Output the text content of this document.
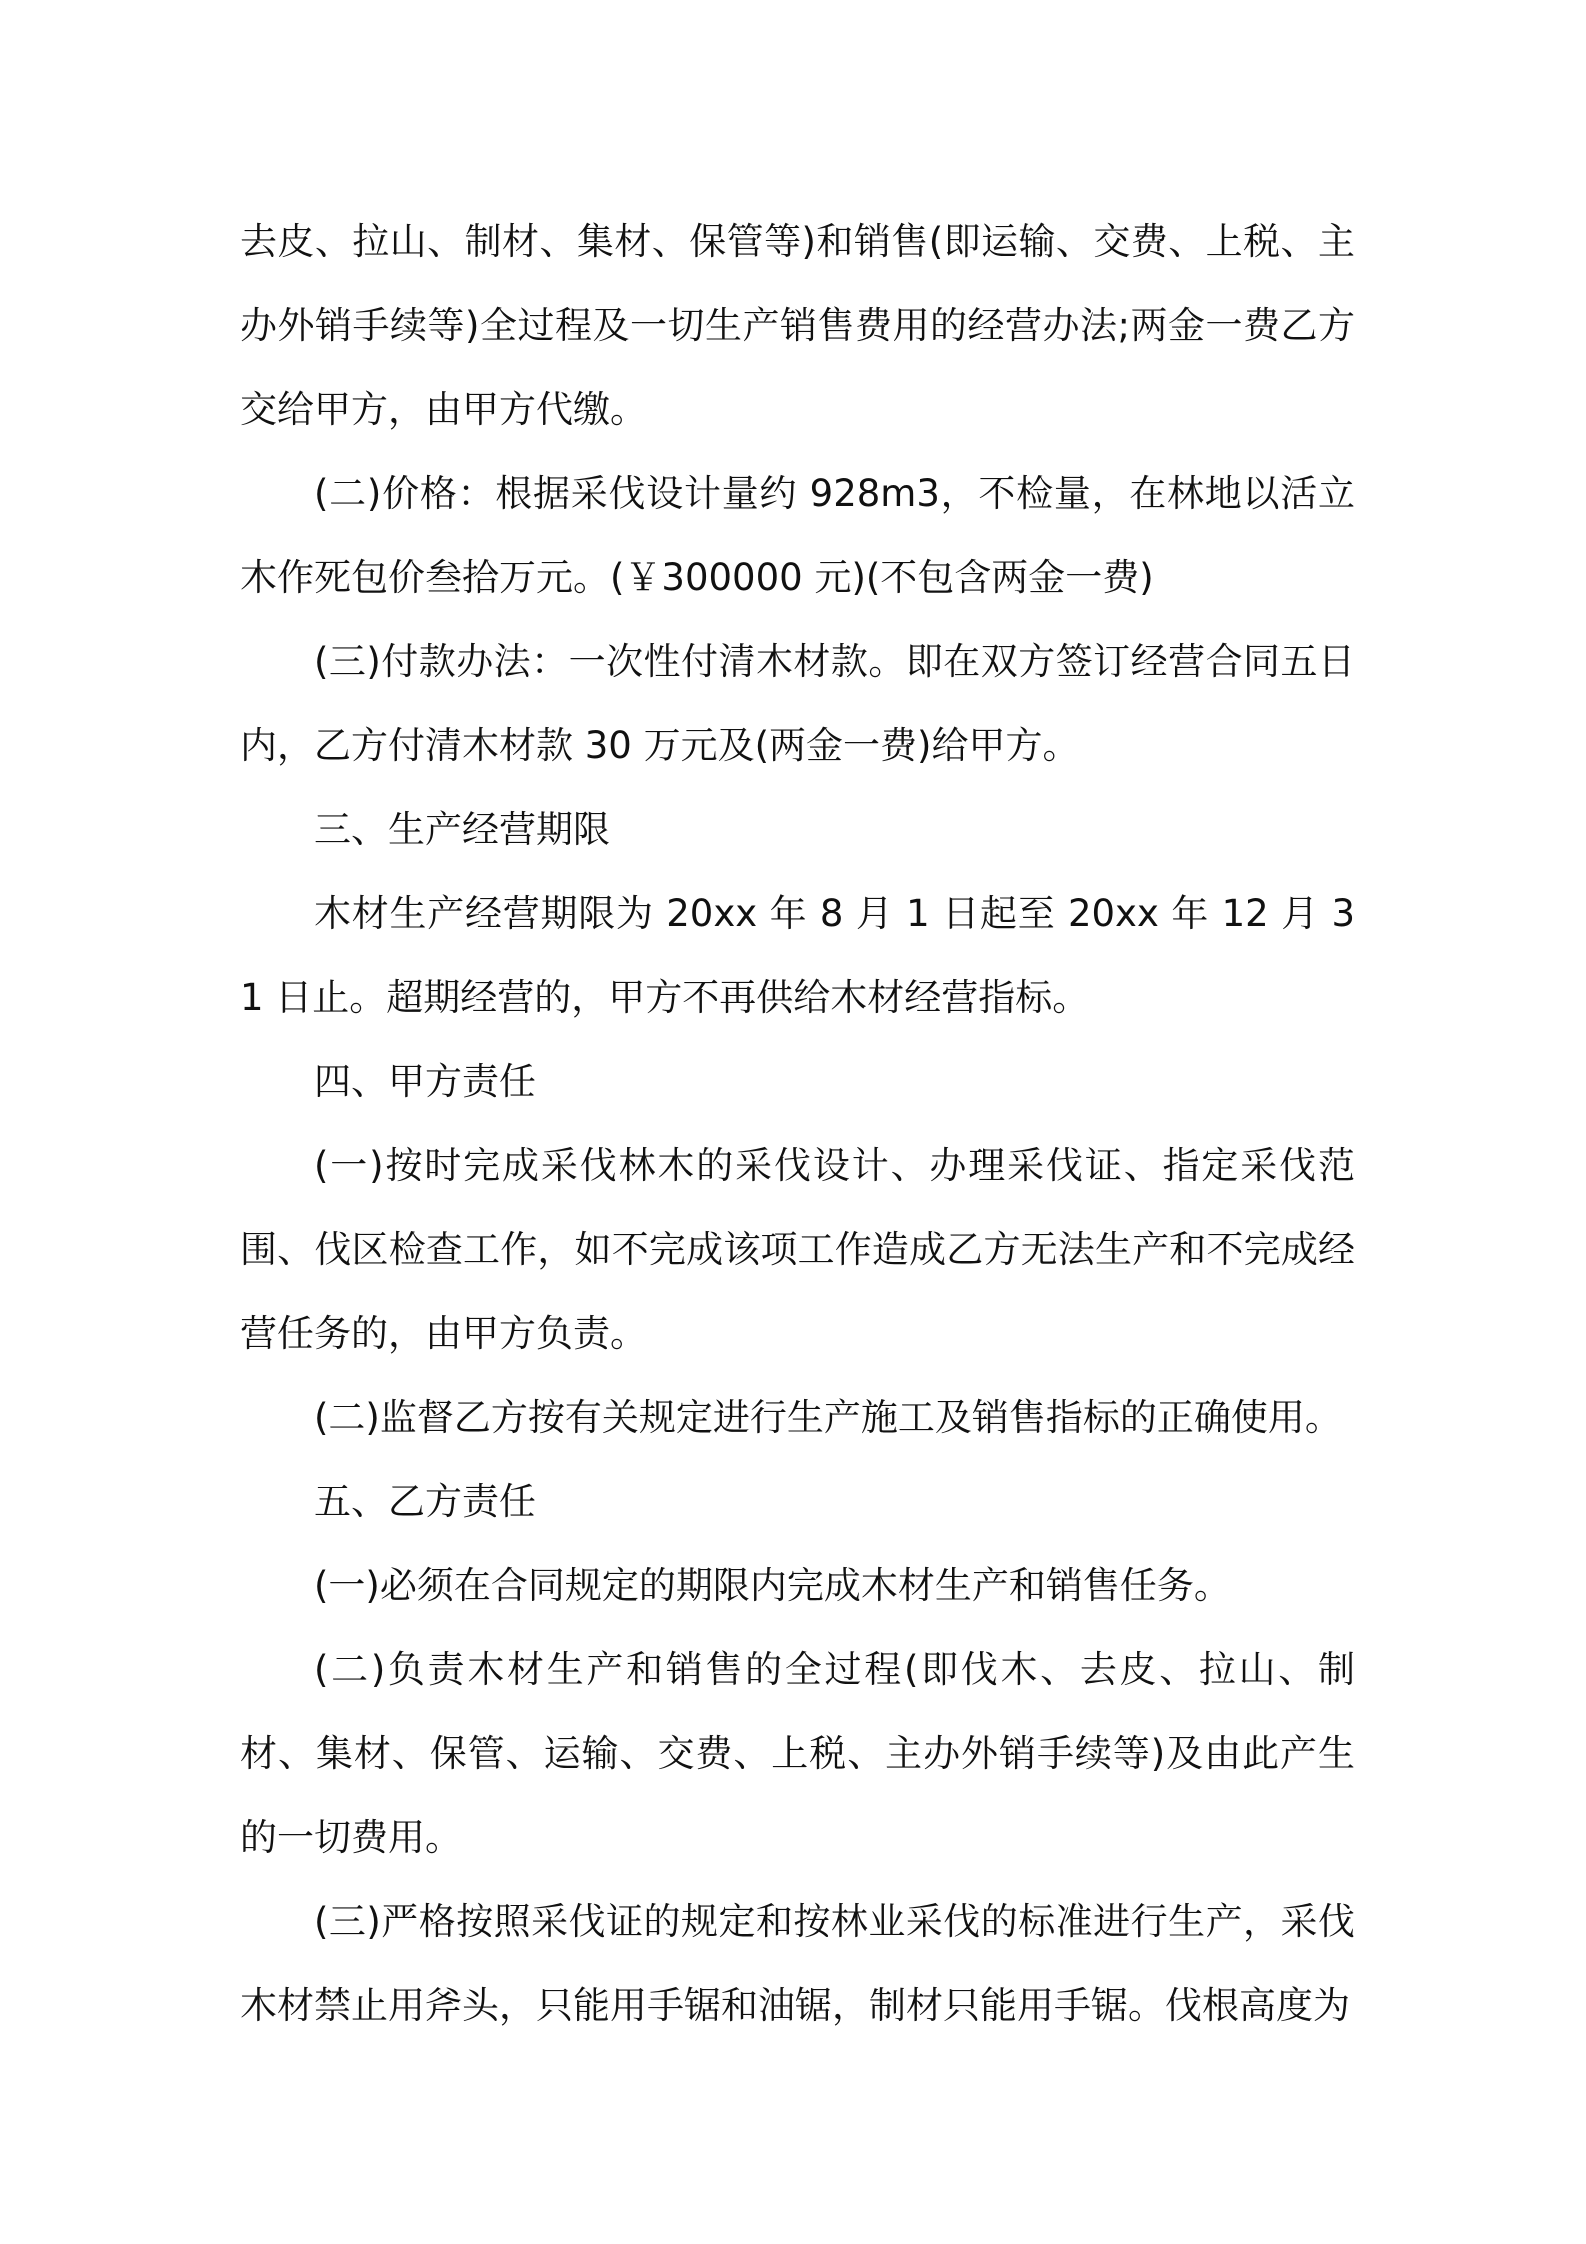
去皮、拉山、制材、集材、保管等)和销售(即运输、交费、上税、主办外销手续等)全过程及一切生产销售费用的经营办法;两金一费乙方交给甲方，由甲方代缴。

(二)价格：根据采伐设计量约 928m3，不检量，在林地以活立木作死包价叁拾万元。(￥300000 元)(不包含两金一费)

(三)付款办法：一次性付清木材款。即在双方签订经营合同五日内，乙方付清木材款 30 万元及(两金一费)给甲方。

三、生产经营期限

木材生产经营期限为 20xx 年 8 月 1 日起至 20xx 年 12 月 31 日止。超期经营的，甲方不再供给木材经营指标。

四、甲方责任

(一)按时完成采伐林木的采伐设计、办理采伐证、指定采伐范围、伐区检查工作，如不完成该项工作造成乙方无法生产和不完成经营任务的，由甲方负责。

(二)监督乙方按有关规定进行生产施工及销售指标的正确使用。

五、乙方责任

(一)必须在合同规定的期限内完成木材生产和销售任务。

(二)负责木材生产和销售的全过程(即伐木、去皮、拉山、制材、集材、保管、运输、交费、上税、主办外销手续等)及由此产生的一切费用。

(三)严格按照采伐证的规定和按林业采伐的标准进行生产，采伐木材禁止用斧头，只能用手锯和油锯，制材只能用手锯。伐根高度为
